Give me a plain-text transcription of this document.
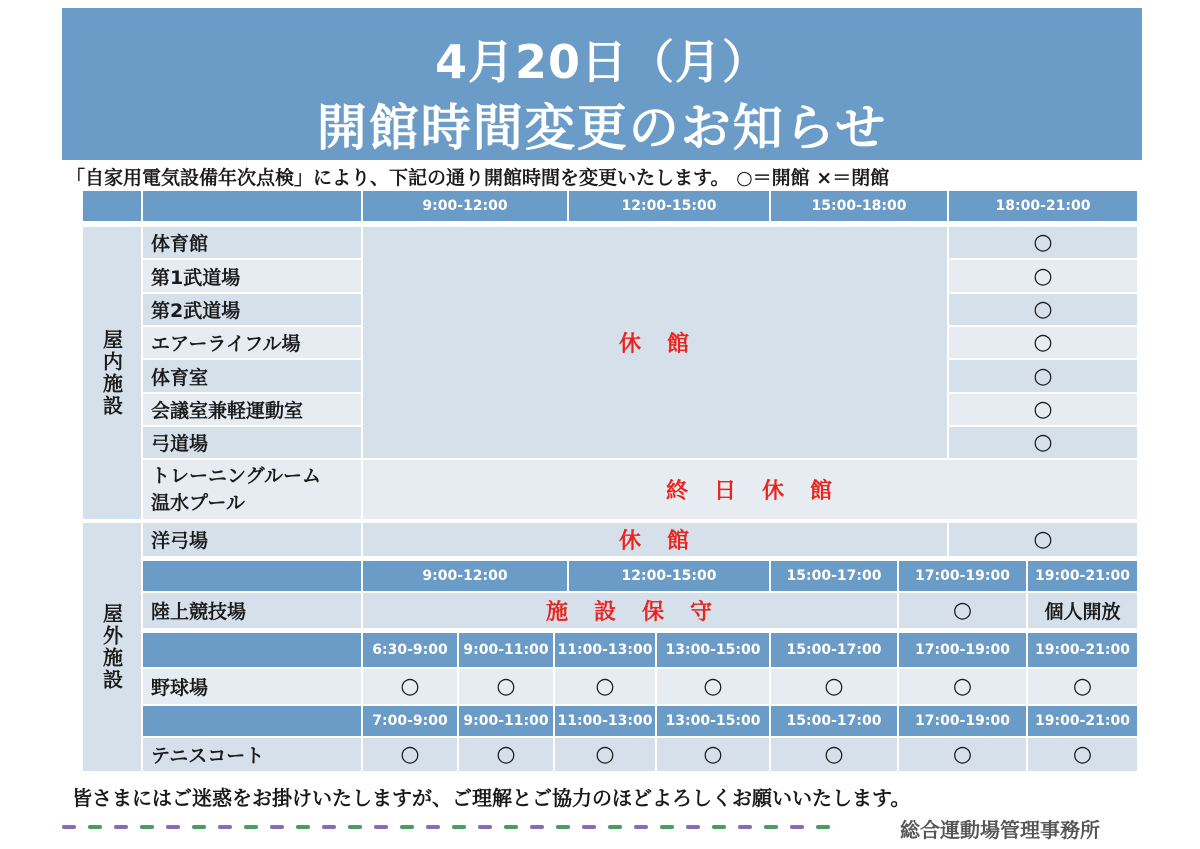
4月20日（月）
開館時間変更のお知らせ
「自家用電気設備年次点検」により、下記の通り開館時間を変更いたします。 ○＝開館 ×＝閉館
9:00-12:00	12:00-15:00	15:00-18:00	18:00-21:00
屋内施設
屋外施設
体育館	○
第1武道場	○
第2武道場	○
エアーライフル場	○
体育室	○
会議室兼軽運動室	○
弓道場	○
休　館
トレーニングルーム
温水プール	終　日　休　館
洋弓場	休　館	○
9:00-12:00	12:00-15:00	15:00-17:00 17:00-19:00 19:00-21:00
陸上競技場	施　設　保　守	○	個人開放
6:30-9:00 9:00-11:00 11:00-13:00 13:00-15:00 15:00-17:00 17:00-19:00 19:00-21:00
野球場	○	○	○	○	○	○	○
7:00-9:00 9:00-11:00 11:00-13:00 13:00-15:00 15:00-17:00 17:00-19:00 19:00-21:00
テニスコート	○	○	○	○	○	○	○
皆さまにはご迷惑をお掛けいたしますが、ご理解とご協力のほどよろしくお願いいたします。
総合運動場管理事務所
